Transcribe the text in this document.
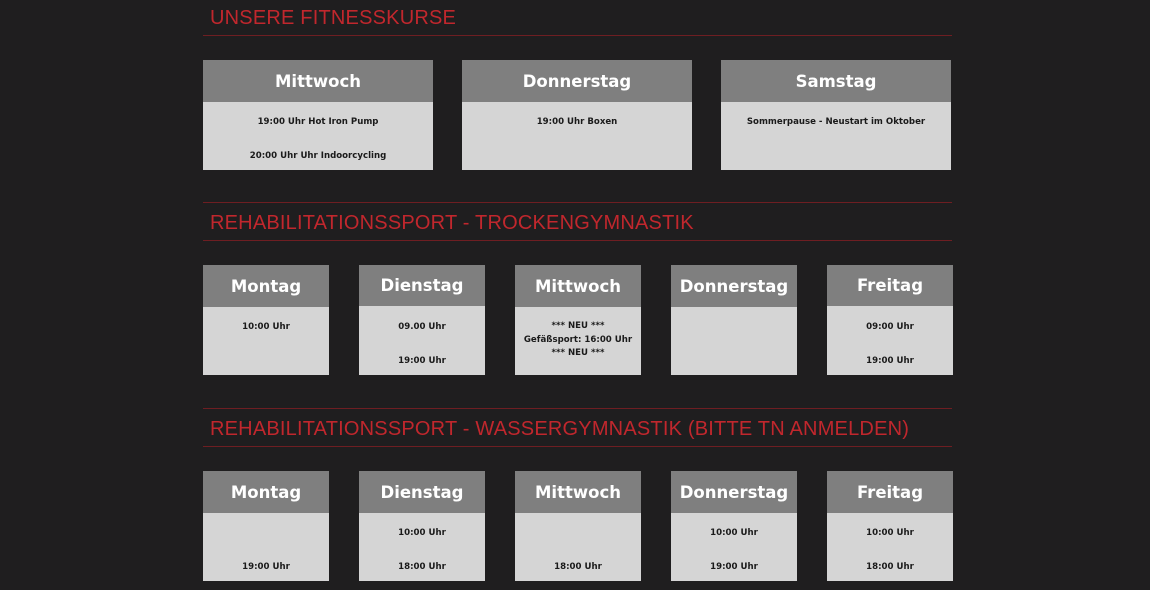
UNSERE FITNESSKURSE
Mittwoch
19:00 Uhr Hot Iron Pump
20:00 Uhr Uhr Indoorcycling
Donnerstag
19:00 Uhr Boxen
Samstag
Sommerpause - Neustart im Oktober
REHABILITATIONSSPORT - TROCKENGYMNASTIK
Montag
10:00 Uhr
Dienstag
09.00 Uhr
19:00 Uhr
Mittwoch
*** NEU ***
Gefäßsport: 16:00 Uhr
*** NEU ***
Donnerstag	Freitag
09:00 Uhr
19:00 Uhr
REHABILITATIONSSPORT - WASSERGYMNASTIK (BITTE TN ANMELDEN)
Montag

19:00 Uhr
Dienstag
10:00 Uhr
18:00 Uhr
Mittwoch

18:00 Uhr
Donnerstag
10:00 Uhr
19:00 Uhr
Freitag
10:00 Uhr
18:00 Uhr
